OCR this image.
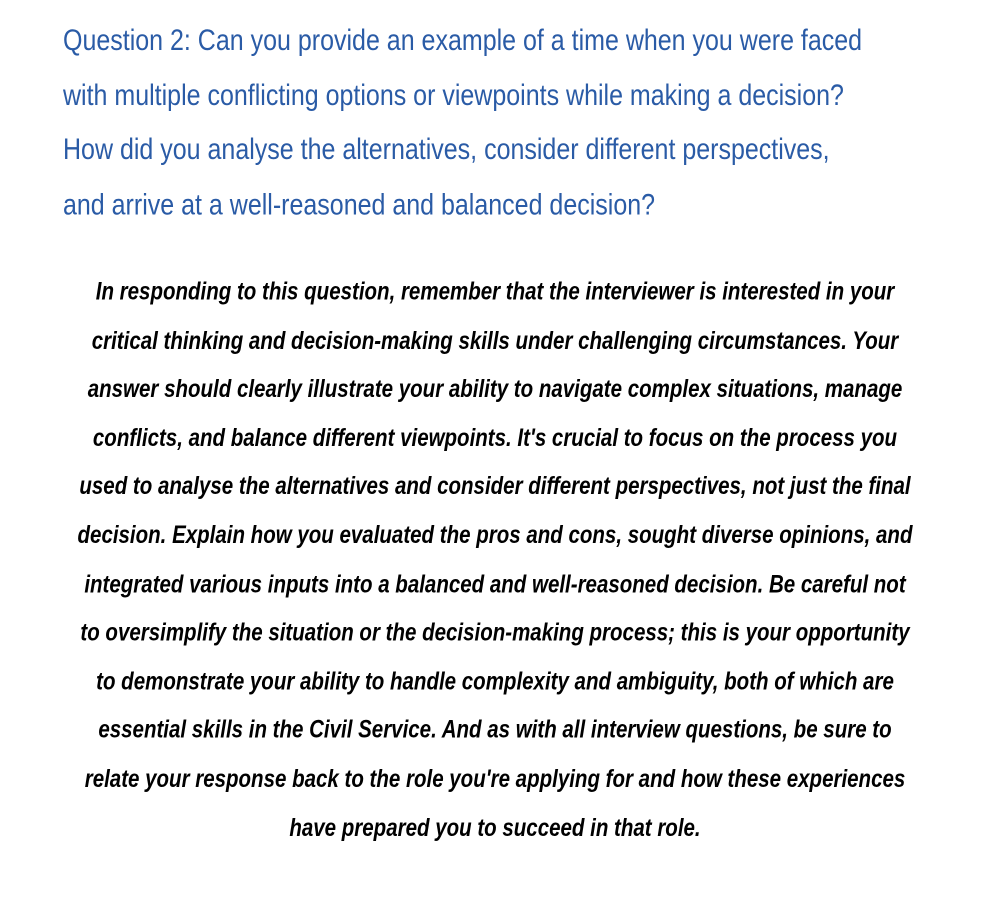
Question 2: Can you provide an example of a time when you were faced
with multiple conflicting options or viewpoints while making a decision?
How did you analyse the alternatives, consider different perspectives,
and arrive at a well-reasoned and balanced decision?
In responding to this question, remember that the interviewer is interested in your
critical thinking and decision-making skills under challenging circumstances. Your
answer should clearly illustrate your ability to navigate complex situations, manage
conflicts, and balance different viewpoints. It's crucial to focus on the process you
used to analyse the alternatives and consider different perspectives, not just the final
decision. Explain how you evaluated the pros and cons, sought diverse opinions, and
integrated various inputs into a balanced and well-reasoned decision. Be careful not
to oversimplify the situation or the decision-making process; this is your opportunity
to demonstrate your ability to handle complexity and ambiguity, both of which are
essential skills in the Civil Service. And as with all interview questions, be sure to
relate your response back to the role you're applying for and how these experiences
have prepared you to succeed in that role.
